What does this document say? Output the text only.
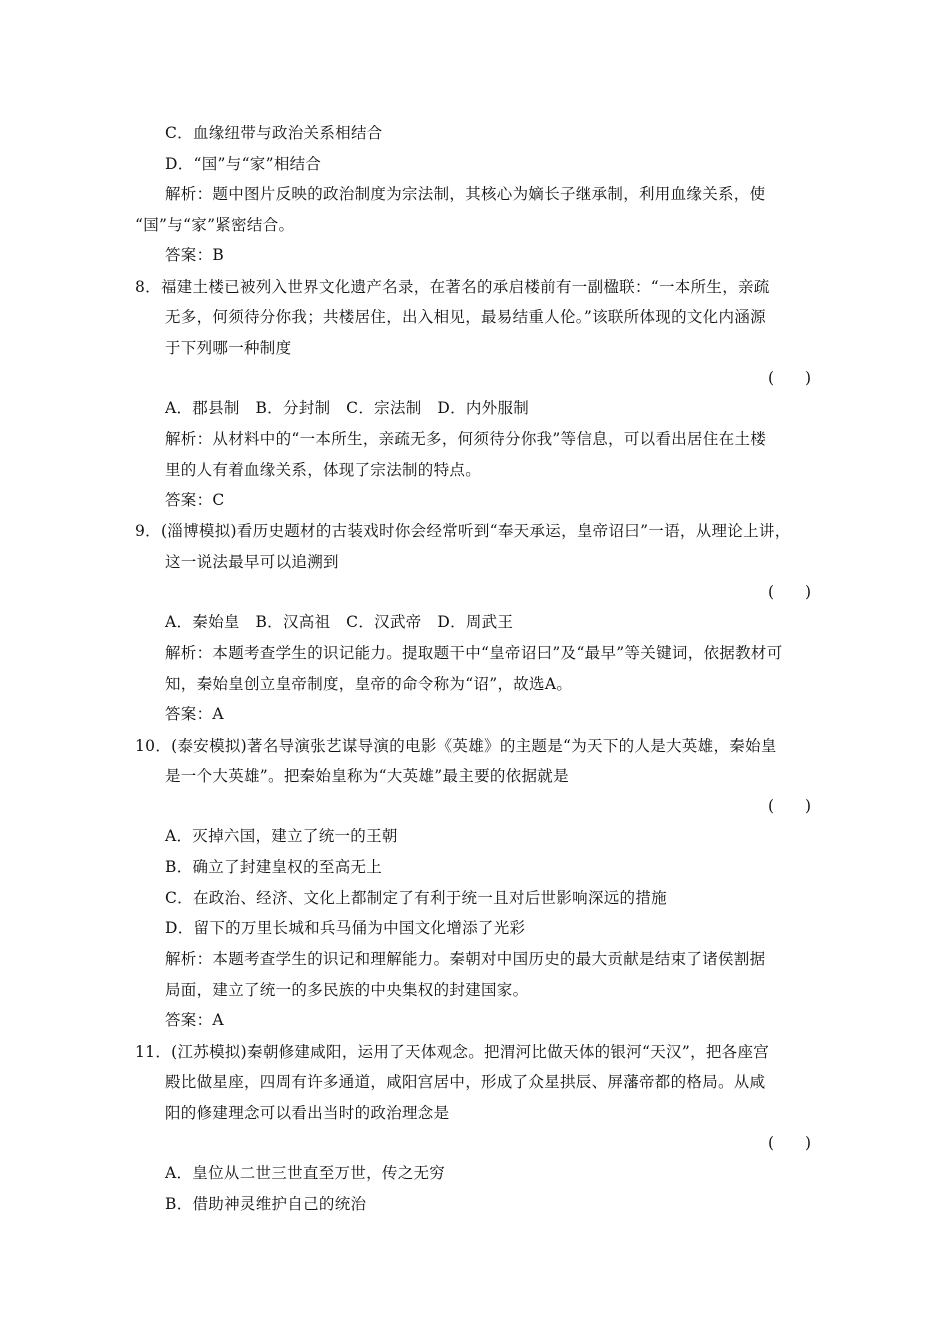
C．血缘纽带与政治关系相结合
D．“国”与“家”相结合
解析：题中图片反映的政治制度为宗法制，其核心为嫡长子继承制，利用血缘关系，使
“国”与“家”紧密结合。
答案：B
8．福建土楼已被列入世界文化遗产名录，在著名的承启楼前有一副楹联：“一本所生，亲疏
无多，何须待分你我；共楼居住，出入相见，最易结重人伦。”该联所体现的文化内涵源
于下列哪一种制度
(　　)
A．郡县制　B．分封制　C．宗法制　D．内外服制
解析：从材料中的“一本所生，亲疏无多，何须待分你我”等信息，可以看出居住在土楼
里的人有着血缘关系，体现了宗法制的特点。
答案：C
9．(淄博模拟)看历史题材的古装戏时你会经常听到“奉天承运，皇帝诏曰”一语，从理论上讲，
这一说法最早可以追溯到
(　　)
A．秦始皇　B．汉高祖　C．汉武帝　D．周武王
解析：本题考查学生的识记能力。提取题干中“皇帝诏曰”及“最早”等关键词，依据教材可
知，秦始皇创立皇帝制度，皇帝的命令称为“诏”，故选A。
答案：A
10．(泰安模拟)著名导演张艺谋导演的电影《英雄》的主题是“为天下的人是大英雄，秦始皇
是一个大英雄”。把秦始皇称为“大英雄”最主要的依据就是
(　　)
A．灭掉六国，建立了统一的王朝
B．确立了封建皇权的至高无上
C．在政治、经济、文化上都制定了有利于统一且对后世影响深远的措施
D．留下的万里长城和兵马俑为中国文化增添了光彩
解析：本题考查学生的识记和理解能力。秦朝对中国历史的最大贡献是结束了诸侯割据
局面，建立了统一的多民族的中央集权的封建国家。
答案：A
11．(江苏模拟)秦朝修建咸阳，运用了天体观念。把渭河比做天体的银河“天汉”，把各座宫
殿比做星座，四周有许多通道，咸阳宫居中，形成了众星拱辰、屏藩帝都的格局。从咸
阳的修建理念可以看出当时的政治理念是
(　　)
A．皇位从二世三世直至万世，传之无穷
B．借助神灵维护自己的统治
